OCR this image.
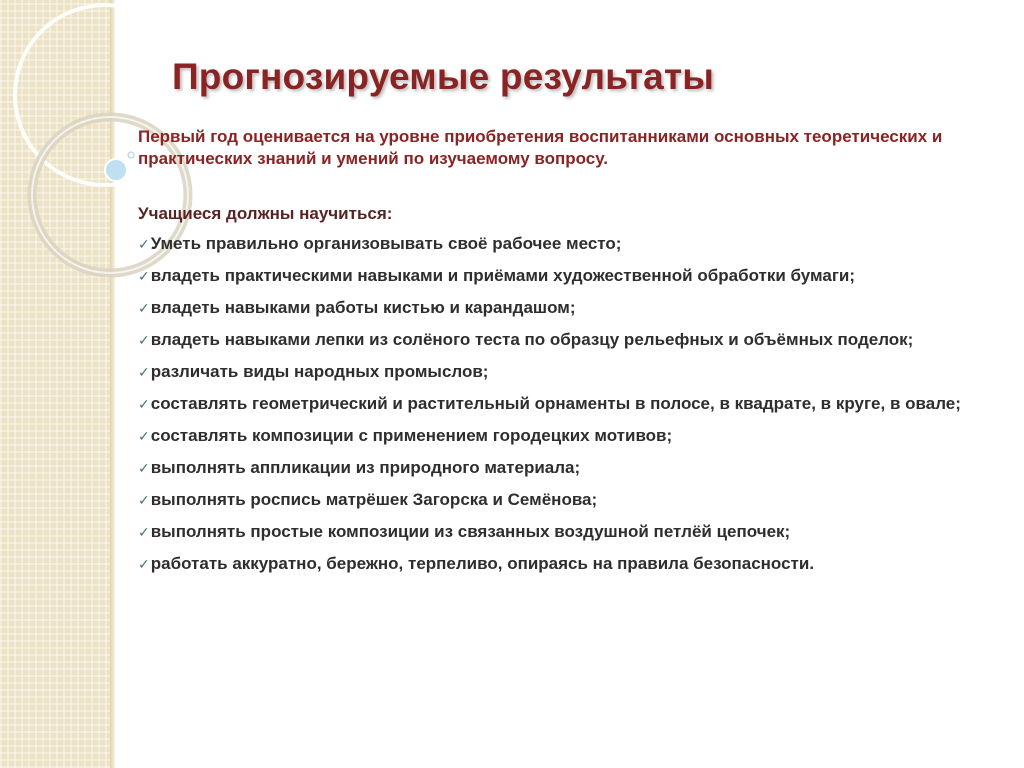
Прогнозируемые результаты

Первый год оценивается на уровне приобретения воспитанниками основных теоретических и практических знаний и умений по изучаемому вопросу.

Учащиеся должны научиться:

✓Уметь правильно организовывать своё рабочее место;
✓владеть практическими навыками и приёмами художественной обработки бумаги;
✓владеть навыками работы кистью и карандашом;
✓владеть навыками лепки из солёного теста по образцу рельефных и объёмных поделок;
✓различать виды народных промыслов;
✓составлять геометрический и растительный орнаменты в полосе, в квадрате, в круге, в овале;
✓составлять композиции с применением городецких мотивов;
✓выполнять аппликации из природного материала;
✓выполнять роспись матрёшек Загорска и Семёнова;
✓выполнять простые композиции из связанных воздушной петлёй цепочек;
✓работать аккуратно, бережно, терпеливо, опираясь на правила безопасности.
